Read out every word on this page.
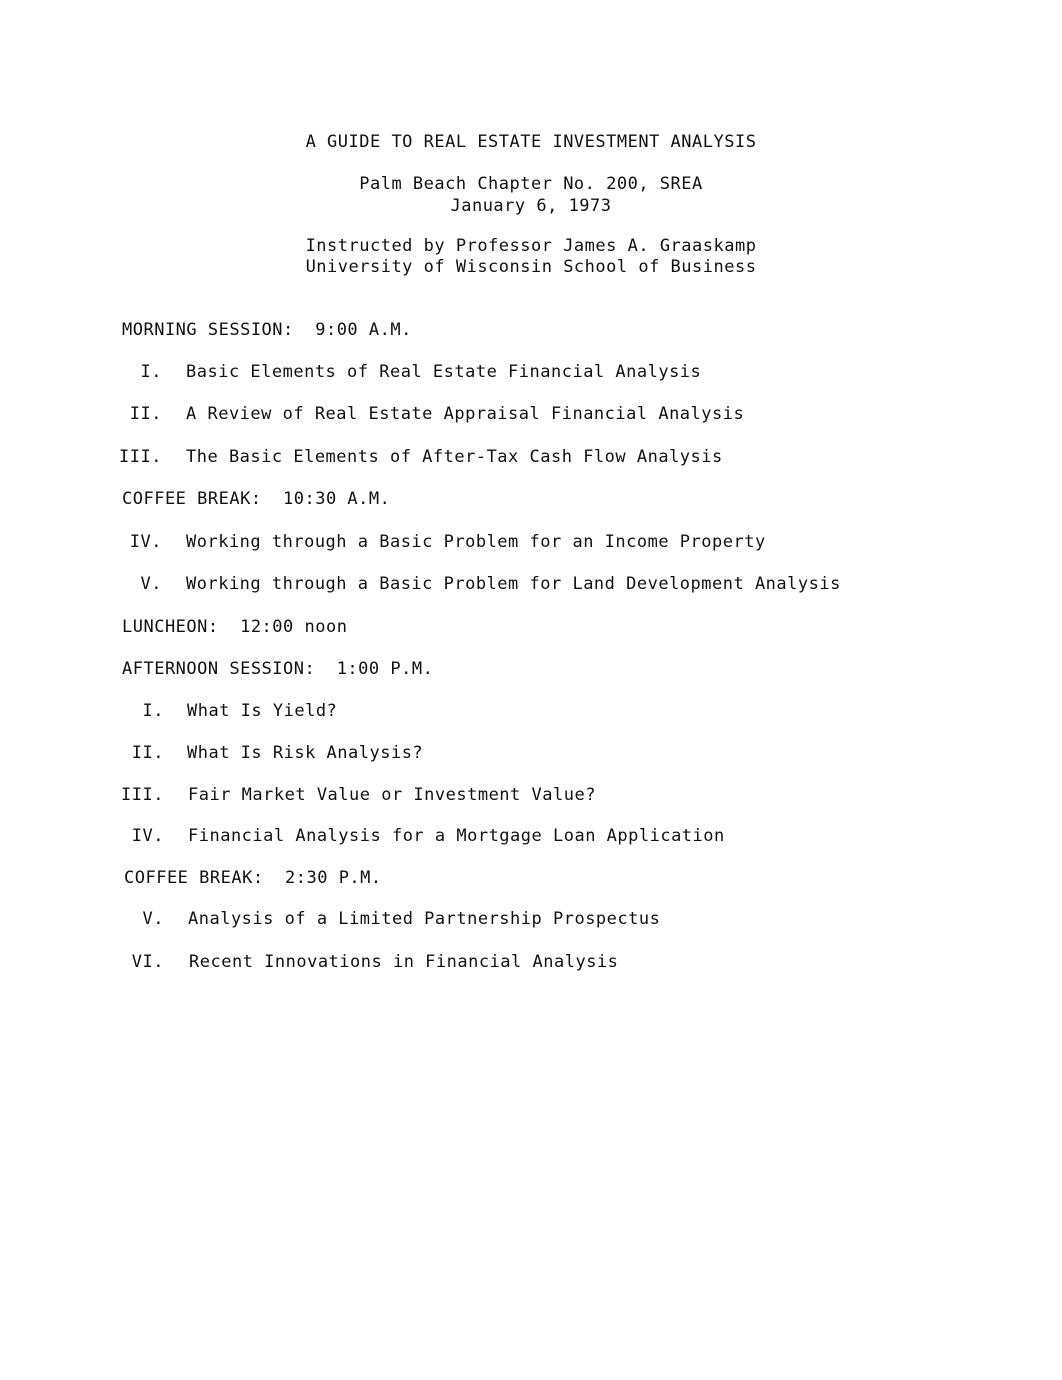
A GUIDE TO REAL ESTATE INVESTMENT ANALYSIS
Palm Beach Chapter No. 200, SREA
January 6, 1973
Instructed by Professor James A. Graaskamp
University of Wisconsin School of Business
MORNING SESSION:  9:00 A.M.
I. Basic Elements of Real Estate Financial Analysis
II. A Review of Real Estate Appraisal Financial Analysis
III. The Basic Elements of After-Tax Cash Flow Analysis
COFFEE BREAK:  10:30 A.M.
IV. Working through a Basic Problem for an Income Property
V. Working through a Basic Problem for Land Development Analysis
LUNCHEON:  12:00 noon
AFTERNOON SESSION:  1:00 P.M.
I. What Is Yield?
II. What Is Risk Analysis?
III. Fair Market Value or Investment Value?
IV. Financial Analysis for a Mortgage Loan Application
COFFEE BREAK:  2:30 P.M.
V. Analysis of a Limited Partnership Prospectus
VI. Recent Innovations in Financial Analysis
